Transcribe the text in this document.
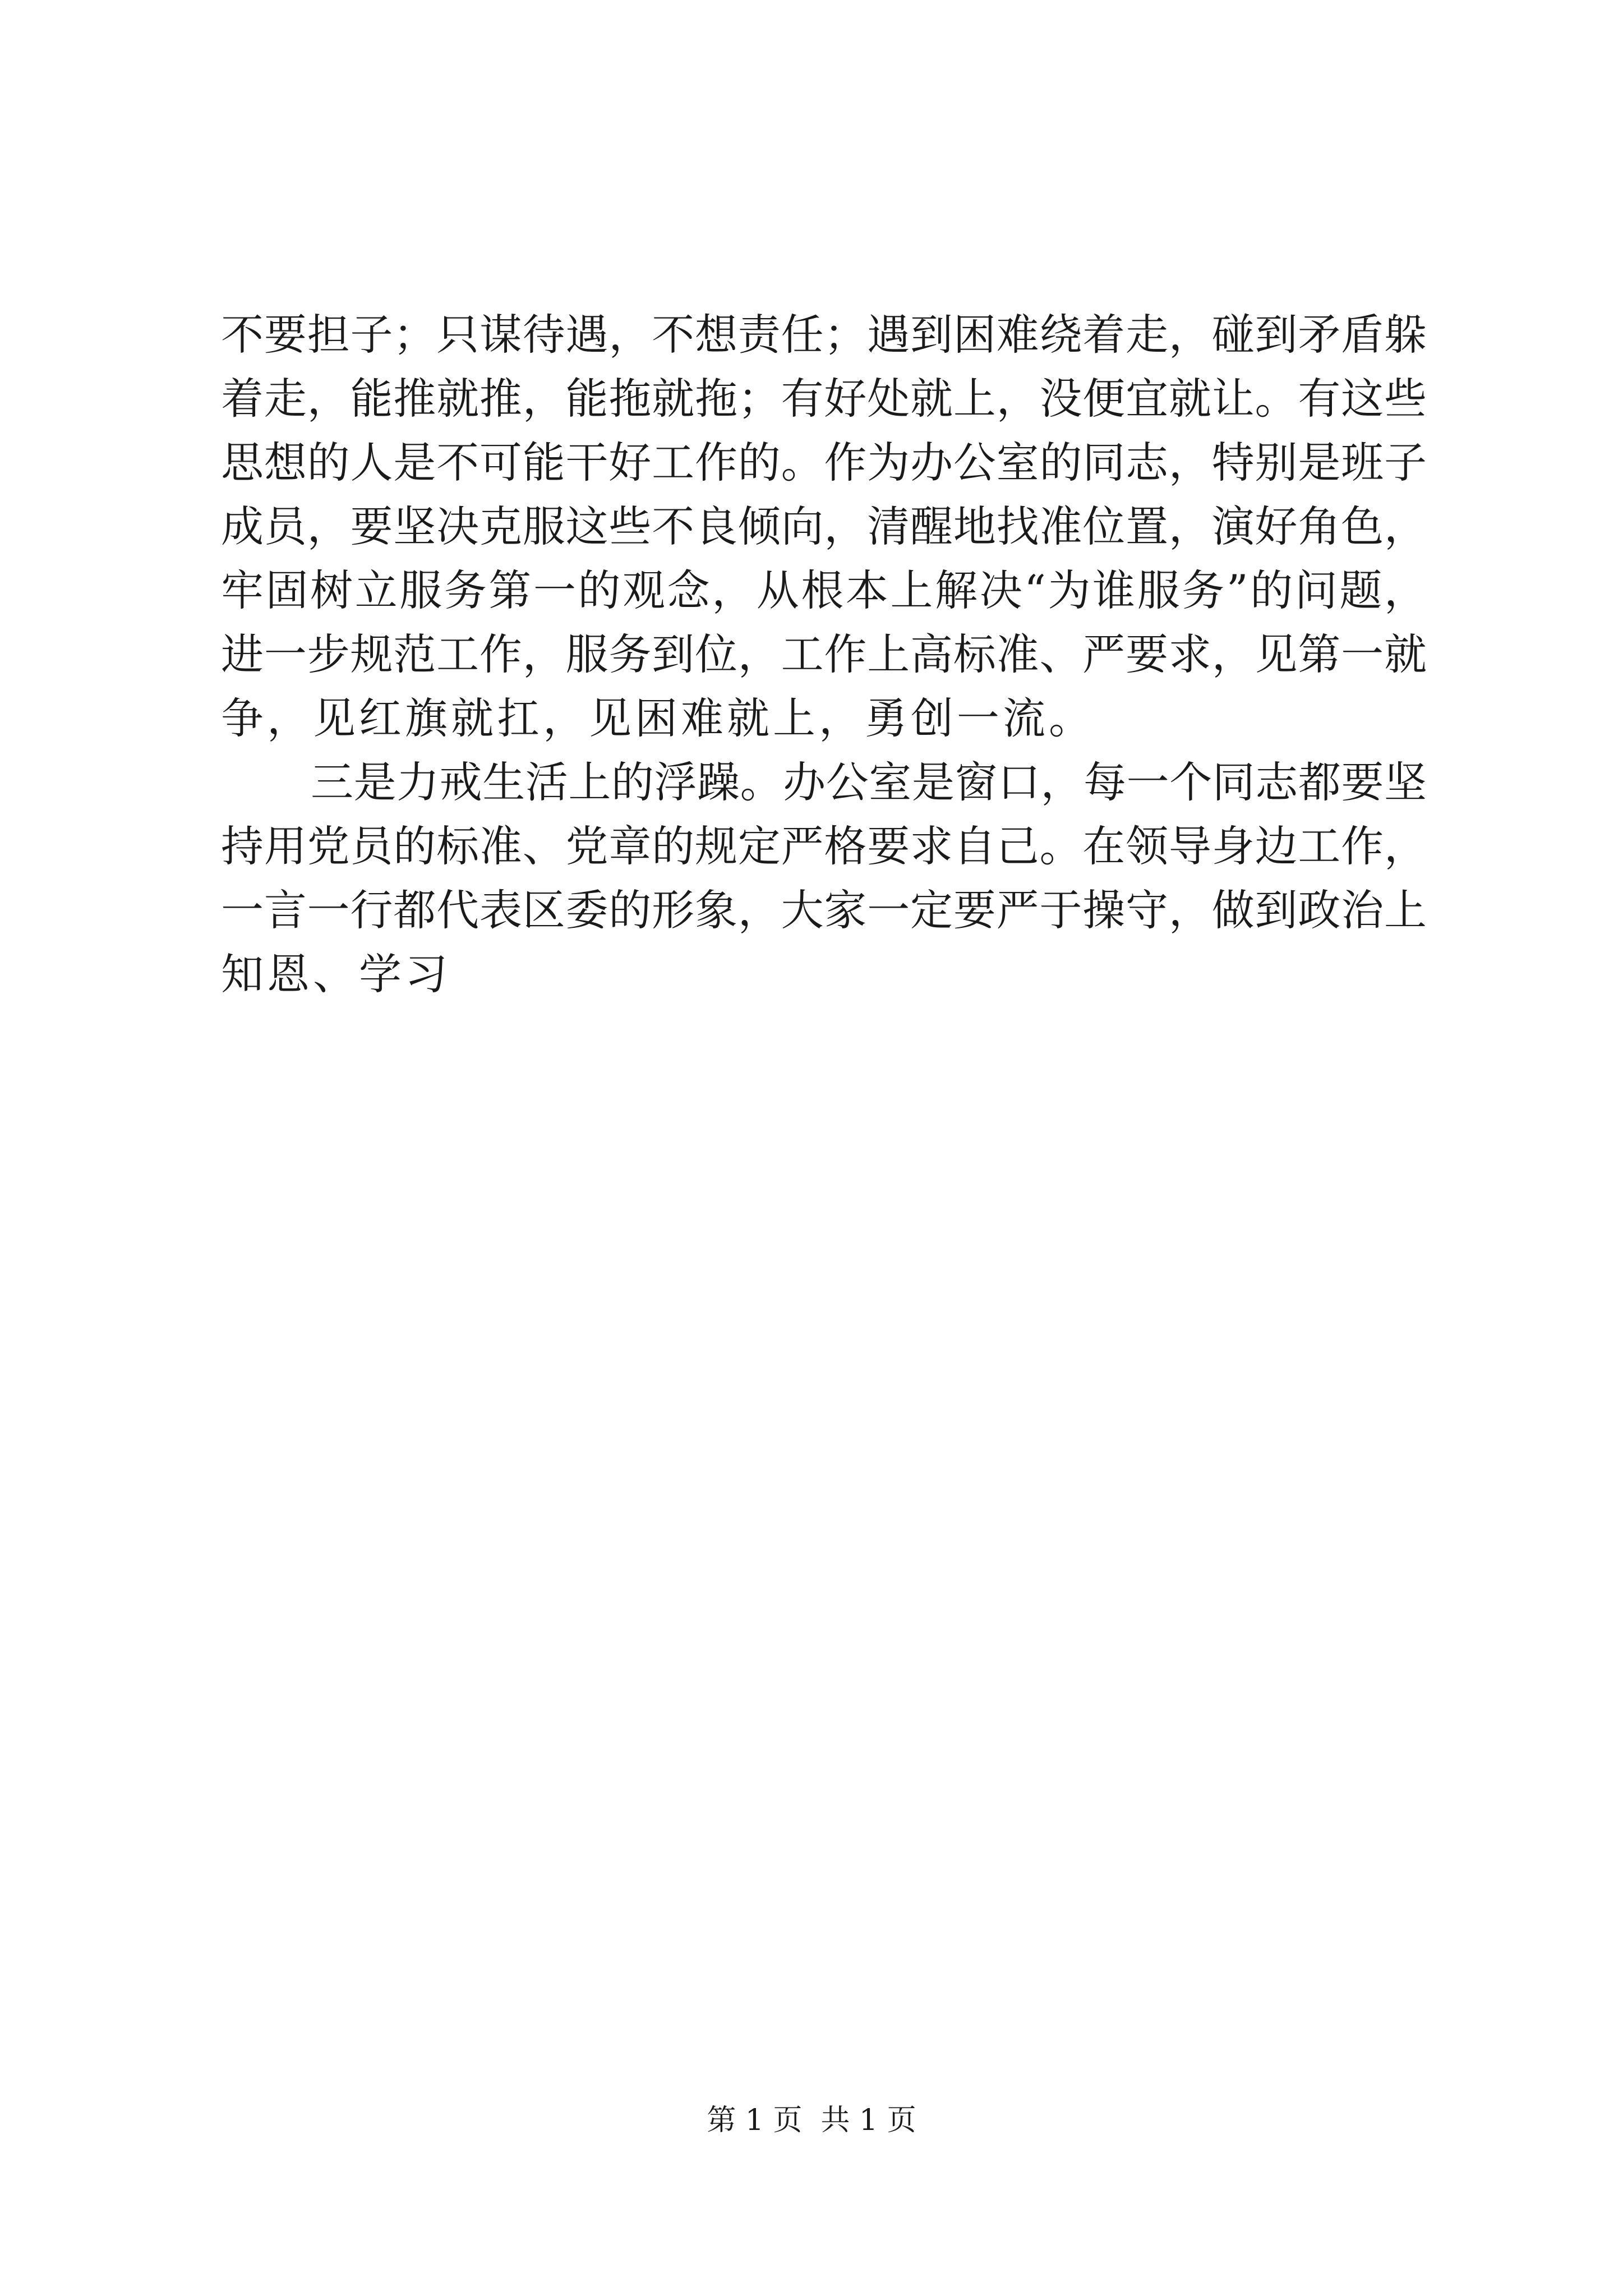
不要担子；只谋待遇，不想责任；遇到困难绕着走，碰到矛盾躲
着走，能推就推，能拖就拖；有好处就上，没便宜就让。有这些
思想的人是不可能干好工作的。作为办公室的同志，特别是班子
成员，要坚决克服这些不良倾向，清醒地找准位置，演好角色，
牢固树立服务第一的观念，从根本上解决“为谁服务”的问题，
进一步规范工作，服务到位，工作上高标准、严要求，见第一就
争，见红旗就扛，见困难就上，勇创一流。
三是力戒生活上的浮躁。办公室是窗口，每一个同志都要坚
持用党员的标准、党章的规定严格要求自己。在领导身边工作，
一言一行都代表区委的形象，大家一定要严于操守，做到政治上
知恩、学习
第 1 页  共 1 页
